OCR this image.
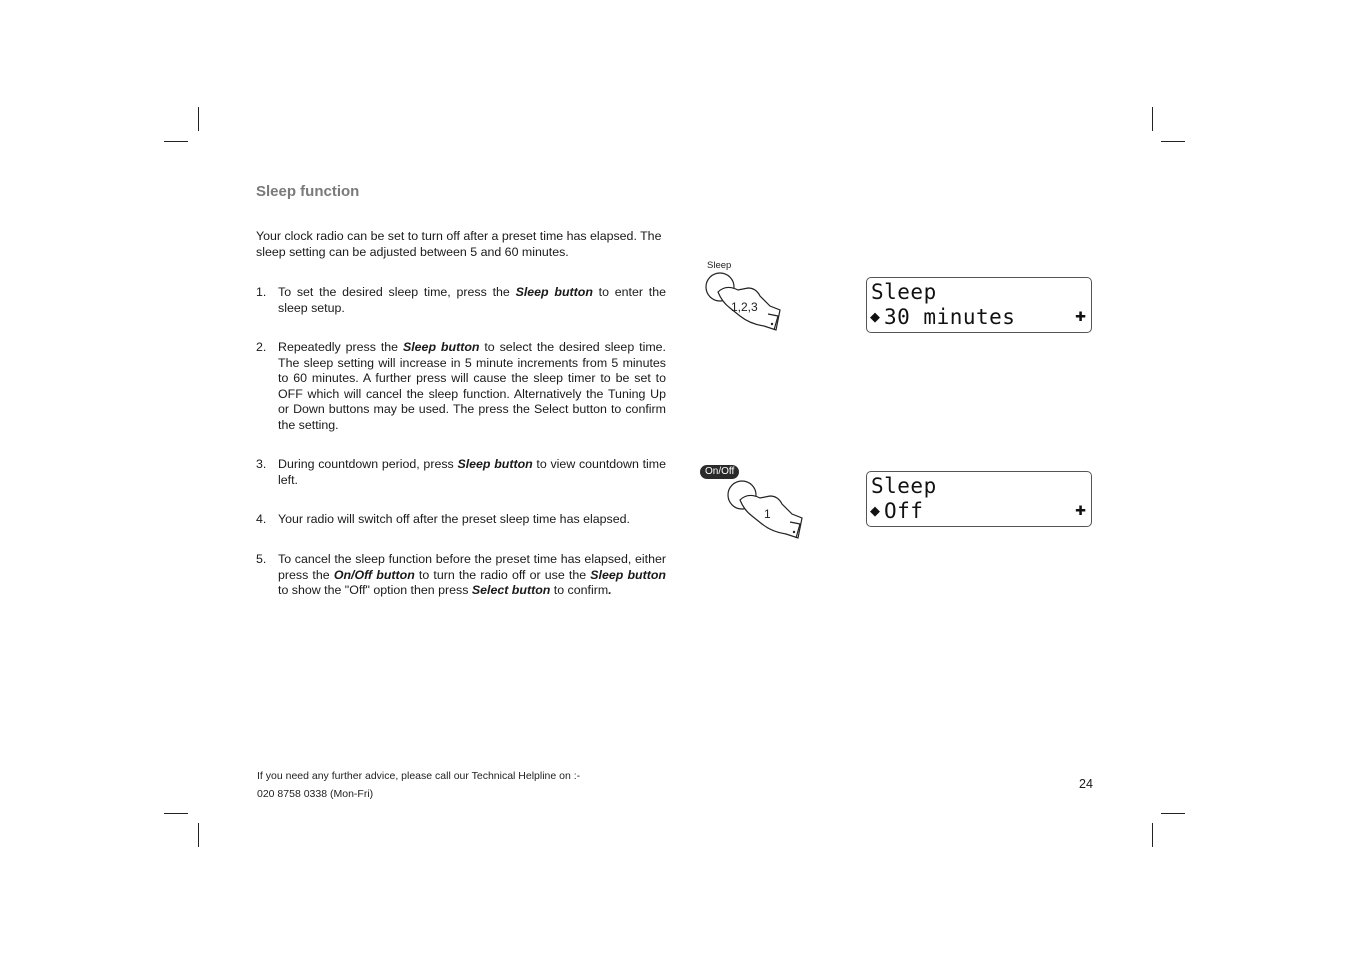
Sleep function
Your clock radio can be set to turn off after a preset time has elapsed. The sleep setting can be adjusted between 5 and 60 minutes.
1. To set the desired sleep time, press the Sleep button to enter the sleep setup.
2. Repeatedly press the Sleep button to select the desired sleep time. The sleep setting will increase in 5 minute increments from 5 minutes to 60 minutes. A further press will cause the sleep timer to be set to OFF which will cancel the sleep function. Alternatively the Tuning Up or Down buttons may be used. The press the Select button to confirm the setting.
3. During countdown period, press Sleep button to view countdown time left.
4. Your radio will switch off after the preset sleep time has elapsed.
5. To cancel the sleep function before the preset time has elapsed, either press the On/Off button to turn the radio off or use the Sleep button to show the "Off" option then press Select button to confirm.
Sleep
1,2,3
On/Off
1
Sleep
◆ 30 minutes	✚
Sleep
◆ Off	✚
If you need any further advice, please call our Technical Helpline on :-
020 8758 0338 (Mon-Fri)
24
